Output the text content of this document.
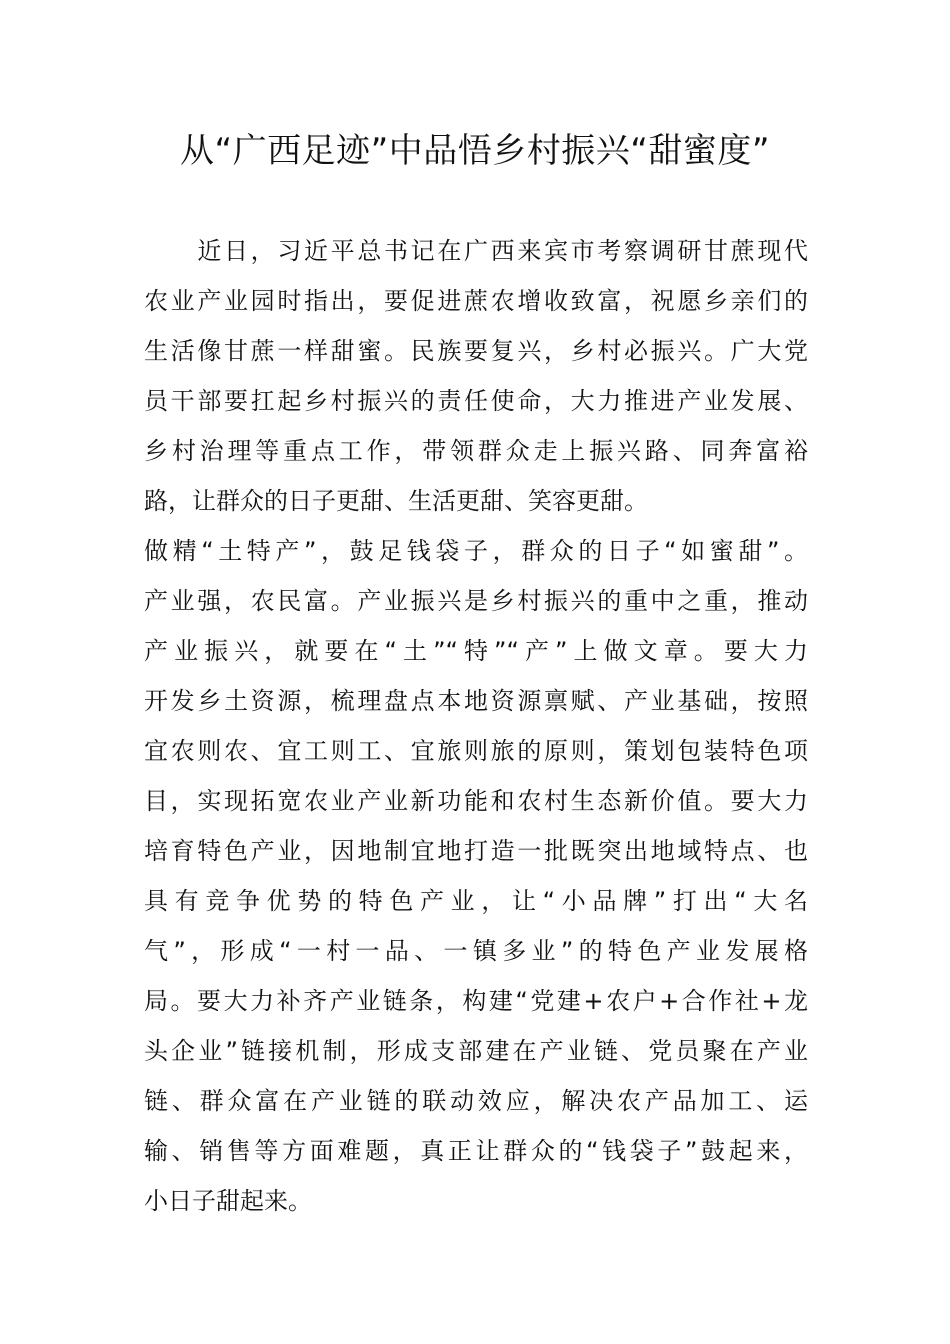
从“广西足迹”中品悟乡村振兴“甜蜜度”
　　近日，习近平总书记在广西来宾市考察调研甘蔗现代
农业产业园时指出，要促进蔗农增收致富，祝愿乡亲们的
生活像甘蔗一样甜蜜。民族要复兴，乡村必振兴。广大党
员干部要扛起乡村振兴的责任使命，大力推进产业发展、
乡村治理等重点工作，带领群众走上振兴路、同奔富裕
路，让群众的日子更甜、生活更甜、笑容更甜。
做精“土特产”，鼓足钱袋子，群众的日子“如蜜甜”。
产业强，农民富。产业振兴是乡村振兴的重中之重，推动
产业振兴，就要在“土”“特”“产”上做文章。要大力
开发乡土资源，梳理盘点本地资源禀赋、产业基础，按照
宜农则农、宜工则工、宜旅则旅的原则，策划包装特色项
目，实现拓宽农业产业新功能和农村生态新价值。要大力
培育特色产业，因地制宜地打造一批既突出地域特点、也
具有竞争优势的特色产业，让“小品牌”打出“大名
气”，形成“一村一品、一镇多业”的特色产业发展格
局。要大力补齐产业链条，构建“党建+农户+合作社+龙
头企业”链接机制，形成支部建在产业链、党员聚在产业
链、群众富在产业链的联动效应，解决农产品加工、运
输、销售等方面难题，真正让群众的“钱袋子”鼓起来，
小日子甜起来。
